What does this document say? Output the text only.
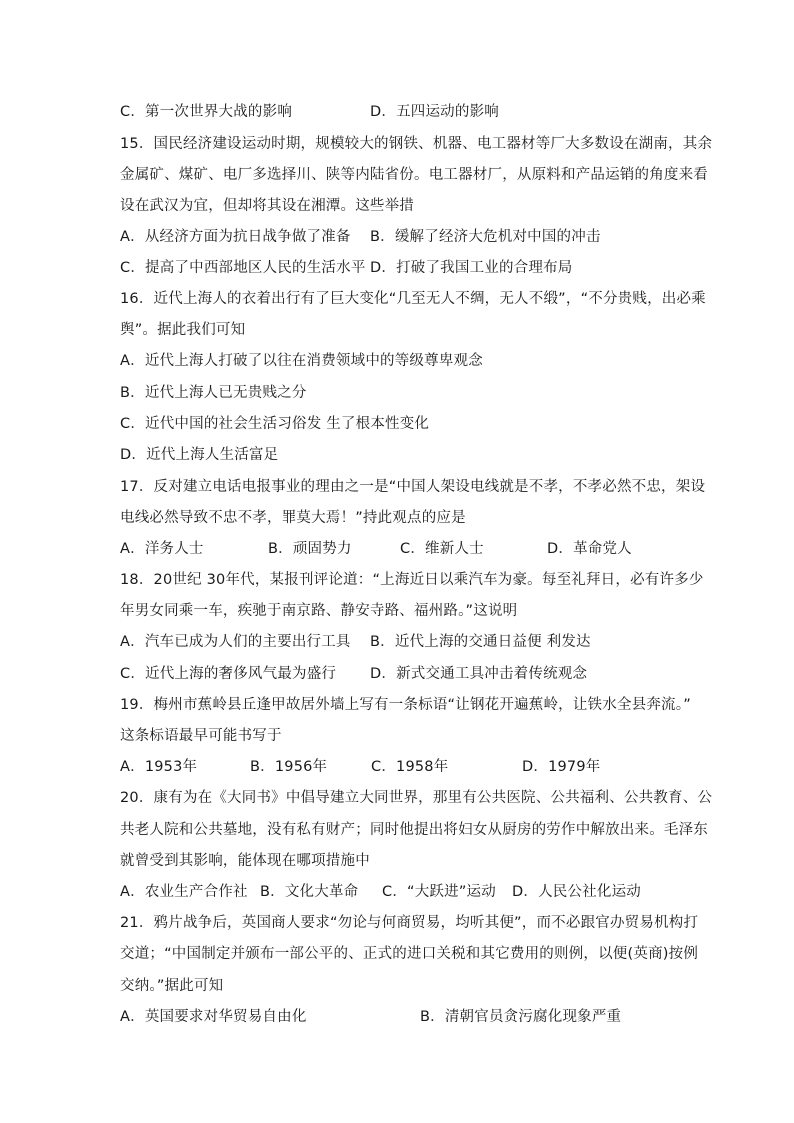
C．第一次世界大战的影响	D．五四运动的影响
15．国民经济建设运动时期，规模较大的钢铁、机器、电工器材等厂大多数设在湖南，其余
金属矿、煤矿、电厂多选择川、陕等内陆省份。电工器材厂，从原料和产品运销的角度来看
设在武汉为宜，但却将其设在湘潭。这些举措
A．从经济方面为抗日战争做了准备 B．缓解了经济大危机对中国的冲击
C．提高了中西部地区人民的生活水平 D．打破了我国工业的合理布局
16．近代上海人的衣着出行有了巨大变化“几至无人不绸，无人不缎”，“不分贵贱，出必乘
舆”。据此我们可知
A．近代上海人打破了以往在消费领域中的等级尊卑观念
B．近代上海人已无贵贱之分
C．近代中国的社会生活习俗发 生了根本性变化
D．近代上海人生活富足
17．反对建立电话电报事业的理由之一是“中国人架设电线就是不孝，不孝必然不忠，架设
电线必然导致不忠不孝，罪莫大焉！”持此观点的应是
A．洋务人士	B．顽固势力	C．维新人士	D．革命党人
18．20世纪 30年代，某报刊评论道：“上海近日以乘汽车为豪。每至礼拜日，必有许多少
年男女同乘一车，疾驰于南京路、静安寺路、福州路。”这说明
A．汽车已成为人们的主要出行工具 B．近代上海的交通日益便 利发达
C．近代上海的奢侈风气最为盛行 D．新式交通工具冲击着传统观念
19．梅州市蕉岭县丘逢甲故居外墙上写有一条标语“让钢花开遍蕉岭，让铁水全县奔流。”
这条标语最早可能书写于
A．1953年	B．1956年	C．1958年	D．1979年
20．康有为在《大同书》中倡导建立大同世界，那里有公共医院、公共福利、公共教育、公
共老人院和公共墓地，没有私有财产；同时他提出将妇女从厨房的劳作中解放出来。毛泽东
就曾受到其影响，能体现在哪项措施中
A．农业生产合作社 B．文化大革命 C．“大跃进”运动 D．人民公社化运动
21．鸦片战争后，英国商人要求“勿论与何商贸易，均听其便”，而不必跟官办贸易机构打
交道；“中国制定并颁布一部公平的、正式的进口关税和其它费用的则例，以便(英商)按例
交纳。”据此可知
A．英国要求对华贸易自由化	B．清朝官员贪污腐化现象严重
